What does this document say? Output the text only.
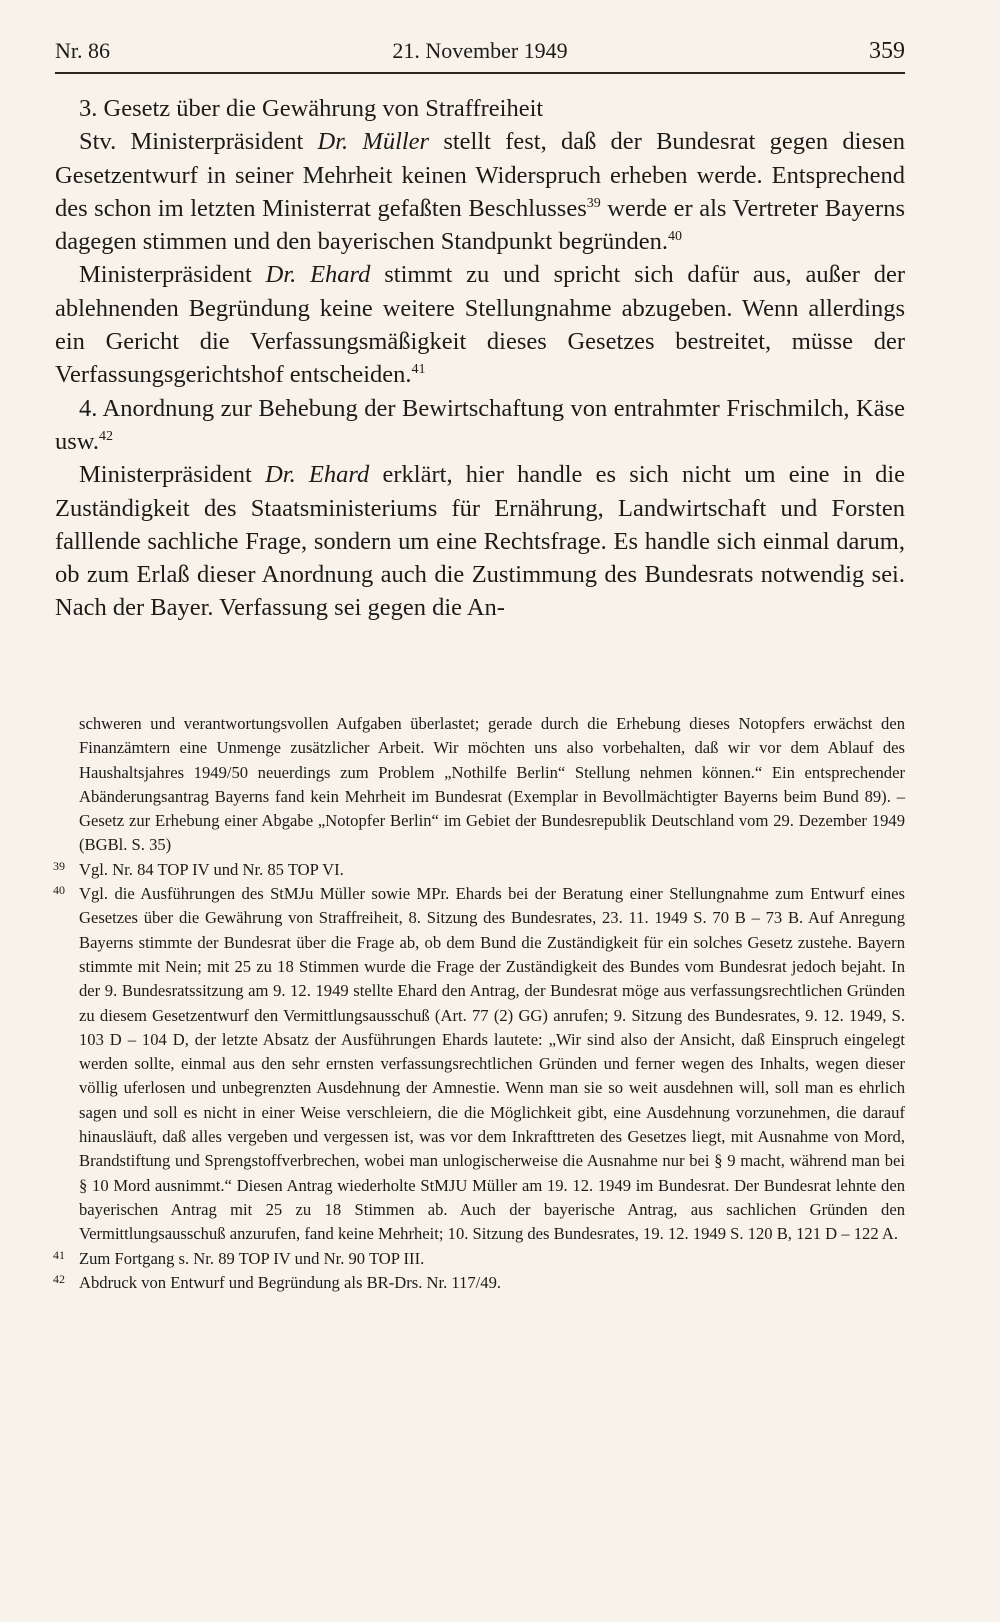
Nr. 86	21. November 1949	359

3. Gesetz über die Gewährung von Straffreiheit

Stv. Ministerpräsident Dr. Müller stellt fest, daß der Bundesrat gegen diesen Gesetzentwurf in seiner Mehrheit keinen Widerspruch erheben werde. Entsprechend des schon im letzten Ministerrat gefaßten Beschlusses$^{39}$ werde er als Vertreter Bayerns dagegen stimmen und den bayerischen Standpunkt begründen.$^{40}$

Ministerpräsident Dr. Ehard stimmt zu und spricht sich dafür aus, außer der ablehnenden Begründung keine weitere Stellungnahme abzugeben. Wenn allerdings ein Gericht die Verfassungsmäßigkeit dieses Gesetzes bestreitet, müsse der Verfassungsgerichtshof entscheiden.$^{41}$

4. Anordnung zur Behebung der Bewirtschaftung von entrahmter Frischmilch, Käse usw.$^{42}$

Ministerpräsident Dr. Ehard erklärt, hier handle es sich nicht um eine in die Zuständigkeit des Staatsministeriums für Ernährung, Landwirtschaft und Forsten falllende sachliche Frage, sondern um eine Rechtsfrage. Es handle sich einmal darum, ob zum Erlaß dieser Anordnung auch die Zustimmung des Bundesrats notwendig sei. Nach der Bayer. Verfassung sei gegen die An-

schweren und verantwortungsvollen Aufgaben überlastet; gerade durch die Erhebung dieses Notopfers erwächst den Finanzämtern eine Unmenge zusätzlicher Arbeit. Wir möchten uns also vorbehalten, daß wir vor dem Ablauf des Haushaltsjahres 1949/50 neuerdings zum Problem „Nothilfe Berlin“ Stellung nehmen können.“ Ein entsprechender Abänderungsantrag Bayerns fand kein Mehrheit im Bundesrat (Exemplar in Bevollmächtigter Bayerns beim Bund 89). – Gesetz zur Erhebung einer Abgabe „Notopfer Berlin“ im Gebiet der Bundesrepublik Deutschland vom 29. Dezember 1949 (BGBl. S. 35)

39 Vgl. Nr. 84 TOP IV und Nr. 85 TOP VI.

40 Vgl. die Ausführungen des StMJu Müller sowie MPr. Ehards bei der Beratung einer Stellungnahme zum Entwurf eines Gesetzes über die Gewährung von Straffreiheit, 8. Sitzung des Bundesrates, 23. 11. 1949 S. 70 B – 73 B. Auf Anregung Bayerns stimmte der Bundesrat über die Frage ab, ob dem Bund die Zuständigkeit für ein solches Gesetz zustehe. Bayern stimmte mit Nein; mit 25 zu 18 Stimmen wurde die Frage der Zuständigkeit des Bundes vom Bundesrat jedoch bejaht. In der 9. Bundesratssitzung am 9. 12. 1949 stellte Ehard den Antrag, der Bundesrat möge aus verfassungsrechtlichen Gründen zu diesem Gesetzentwurf den Vermittlungsausschuß (Art. 77 (2) GG) anrufen; 9. Sitzung des Bundesrates, 9. 12. 1949, S. 103 D – 104 D, der letzte Absatz der Ausführungen Ehards lautete: „Wir sind also der Ansicht, daß Einspruch eingelegt werden sollte, einmal aus den sehr ernsten verfassungsrechtlichen Gründen und ferner wegen des Inhalts, wegen dieser völlig uferlosen und unbegrenzten Ausdehnung der Amnestie. Wenn man sie so weit ausdehnen will, soll man es ehrlich sagen und soll es nicht in einer Weise verschleiern, die die Möglichkeit gibt, eine Ausdehnung vorzunehmen, die darauf hinausläuft, daß alles vergeben und vergessen ist, was vor dem Inkrafttreten des Gesetzes liegt, mit Ausnahme von Mord, Brandstiftung und Sprengstoffverbrechen, wobei man unlogischerweise die Ausnahme nur bei § 9 macht, während man bei § 10 Mord ausnimmt.“ Diesen Antrag wiederholte StMJU Müller am 19. 12. 1949 im Bundesrat. Der Bundesrat lehnte den bayerischen Antrag mit 25 zu 18 Stimmen ab. Auch der bayerische Antrag, aus sachlichen Gründen den Vermittlungsausschuß anzurufen, fand keine Mehrheit; 10. Sitzung des Bundesrates, 19. 12. 1949 S. 120 B, 121 D – 122 A.

41 Zum Fortgang s. Nr. 89 TOP IV und Nr. 90 TOP III.

42 Abdruck von Entwurf und Begründung als BR-Drs. Nr. 117/49.
